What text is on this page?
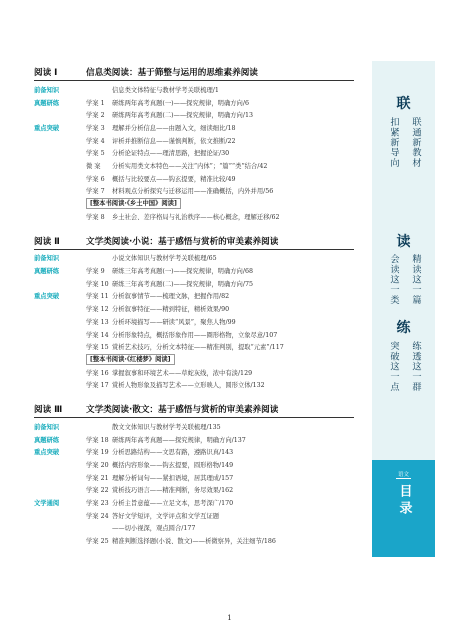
阅读 Ⅰ	信息类阅读：基于筛整与运用的思维素养阅读
前备知识	信息类文体特征与教材学考关联梳理/1
真题研练	学案 1	研练两年高考真题(一)——探究规律，明确方向/6
学案 2	研练两年高考真题(二)——探究规律，明确方向/13
重点突破	学案 3	理解并分析信息——由题入文，细读细比/18
学案 4	评析并推断信息——谨慎判断，依文推断/22
学案 5	分析论证特点——理清思路，把握论证/30
微 案	分析实用类文本特色——关注“内体”；“篇”“类”结合/42
学案 6	概括与比较要点——钩玄提要，精准比较/49
学案 7	材料观点分析探究与迁移运用——准确概括，内外并用/56
[整本书阅读·《乡土中国》阅读]
学案 8	乡土社会、差序格局与礼治秩序——核心概念，理解迁移/62
阅读 Ⅱ	文学类阅读·小说：基于感悟与赏析的审美素养阅读
前备知识	小说文体知识与教材学考关联梳理/65
真题研练	学案 9	研练三年高考真题(一)——探究规律，明确方向/68
学案 10 研练三年高考真题(二)——探究规律，明确方向/75
重点突破	学案 11 分析叙事情节——梳理文脉，把握作用/82
学案 12 分析叙事特征——精到特征，精析效果/90
学案 13 分析环境描写——研读“风景”，聚焦人物/99
学案 14 分析形象特点，概括形象作用——圈形格物，立象尽意/107
学案 15 赏析艺术技巧，分析文本特征——精准判别，提取“元素”/117
[整本书阅读·《红楼梦》阅读]
学案 16 掌握叙事和环境艺术——草蛇灰线，浓中有淡/129
学案 17 赏析人物形象及描写艺术——立形映人，圆形立体/132
阅读 Ⅲ	文学类阅读·散文：基于感悟与赏析的审美素养阅读
前备知识	散文文体知识与教材学考关联梳理/135
真题研练	学案 18 研练两年高考真题——探究规律，明确方向/137
重点突破	学案 19 分析思路结构——文思有路，遵路识真/143
学案 20 概括内容形象——钩玄提要，圆形格物/149
学案 21 理解分析词句——紧扣语境，居其理成/157
学案 22 赏析技巧语言——精准判断，务尽效果/162
文学通阅	学案 23 分析主旨意蕴——立足文本，思考深广/170
学案 24 答好文学短评，文学评点和文学互证题
——切小视深，观点圆合/177
学案 25 精准判断选择题(小说、散文)——析微察异，关注细节/186
联
扣紧新导向 联通新教材
读
会读这一类 精读这一篇
练
突破这一点 练透这一群
语文
目录
1
